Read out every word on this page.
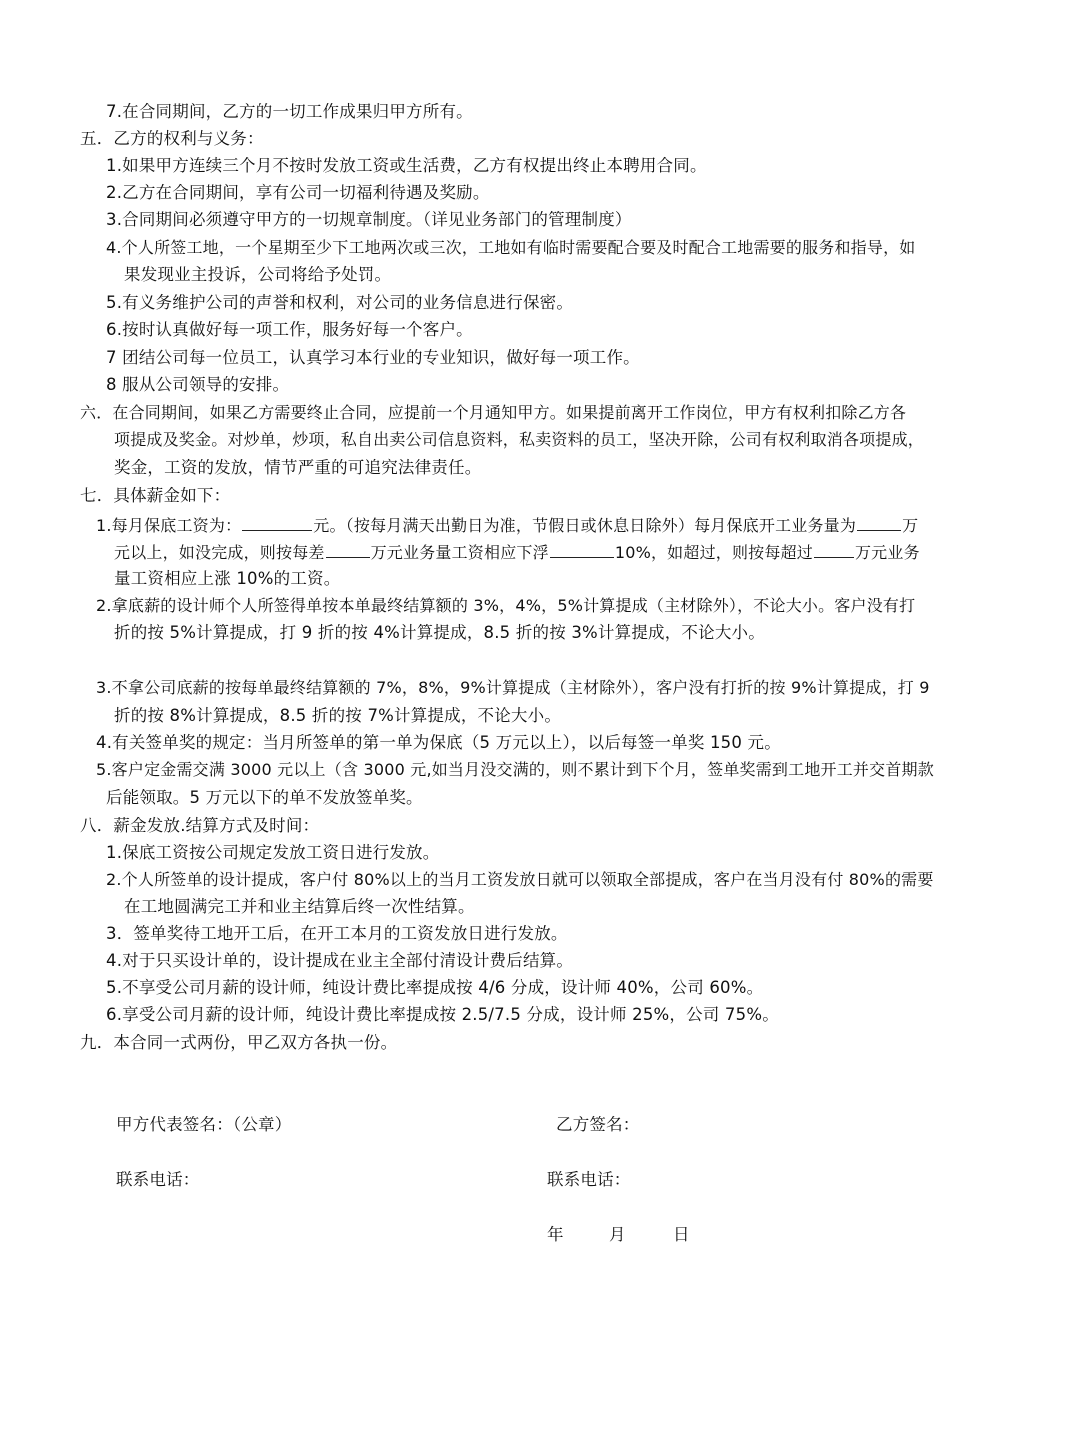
7.在合同期间，乙方的一切工作成果归甲方所有。
五．乙方的权利与义务：
1.如果甲方连续三个月不按时发放工资或生活费，乙方有权提出终止本聘用合同。
2.乙方在合同期间，享有公司一切福利待遇及奖励。
3.合同期间必须遵守甲方的一切规章制度。（详见业务部门的管理制度）
4.个人所签工地，一个星期至少下工地两次或三次，工地如有临时需要配合要及时配合工地需要的服务和指导，如
果发现业主投诉，公司将给予处罚。
5.有义务维护公司的声誉和权利，对公司的业务信息进行保密。
6.按时认真做好每一项工作，服务好每一个客户。
7 团结公司每一位员工，认真学习本行业的专业知识，做好每一项工作。
8 服从公司领导的安排。
六．在合同期间，如果乙方需要终止合同，应提前一个月通知甲方。如果提前离开工作岗位，甲方有权利扣除乙方各
项提成及奖金。对炒单，炒项，私自出卖公司信息资料，私卖资料的员工，坚决开除，公司有权利取消各项提成，
奖金，工资的发放，情节严重的可追究法律责任。
七．具体薪金如下：
1.每月保底工资为：	元。（按每月满天出勤日为准，节假日或休息日除外）每月保底开工业务量为	万
元以上，如没完成，则按每差	万元业务量工资相应下浮	10%，如超过，则按每超过	万元业务
量工资相应上涨 10%的工资。
2.拿底薪的设计师个人所签得单按本单最终结算额的 3%，4%，5%计算提成（主材除外），不论大小。客户没有打
折的按 5%计算提成，打 9 折的按 4%计算提成，8.5 折的按 3%计算提成，不论大小。
3.不拿公司底薪的按每单最终结算额的 7%，8%，9%计算提成（主材除外），客户没有打折的按 9%计算提成，打 9
折的按 8%计算提成，8.5 折的按 7%计算提成，不论大小。
4.有关签单奖的规定：当月所签单的第一单为保底（5 万元以上），以后每签一单奖 150 元。
5.客户定金需交满 3000 元以上（含 3000 元,如当月没交满的，则不累计到下个月，签单奖需到工地开工并交首期款
后能领取。5 万元以下的单不发放签单奖。
八．薪金发放.结算方式及时间：
1.保底工资按公司规定发放工资日进行发放。
2.个人所签单的设计提成，客户付 80%以上的当月工资发放日就可以领取全部提成，客户在当月没有付 80%的需要
在工地圆满完工并和业主结算后终一次性结算。
3．签单奖待工地开工后，在开工本月的工资发放日进行发放。
4.对于只买设计单的，设计提成在业主全部付清设计费后结算。
5.不享受公司月薪的设计师，纯设计费比率提成按 4/6 分成，设计师 40%，公司 60%。
6.享受公司月薪的设计师，纯设计费比率提成按 2.5/7.5 分成，设计师 25%，公司 75%。
九．本合同一式两份，甲乙双方各执一份。
甲方代表签名：（公章）	乙方签名：
联系电话：	联系电话：
年	月	日
